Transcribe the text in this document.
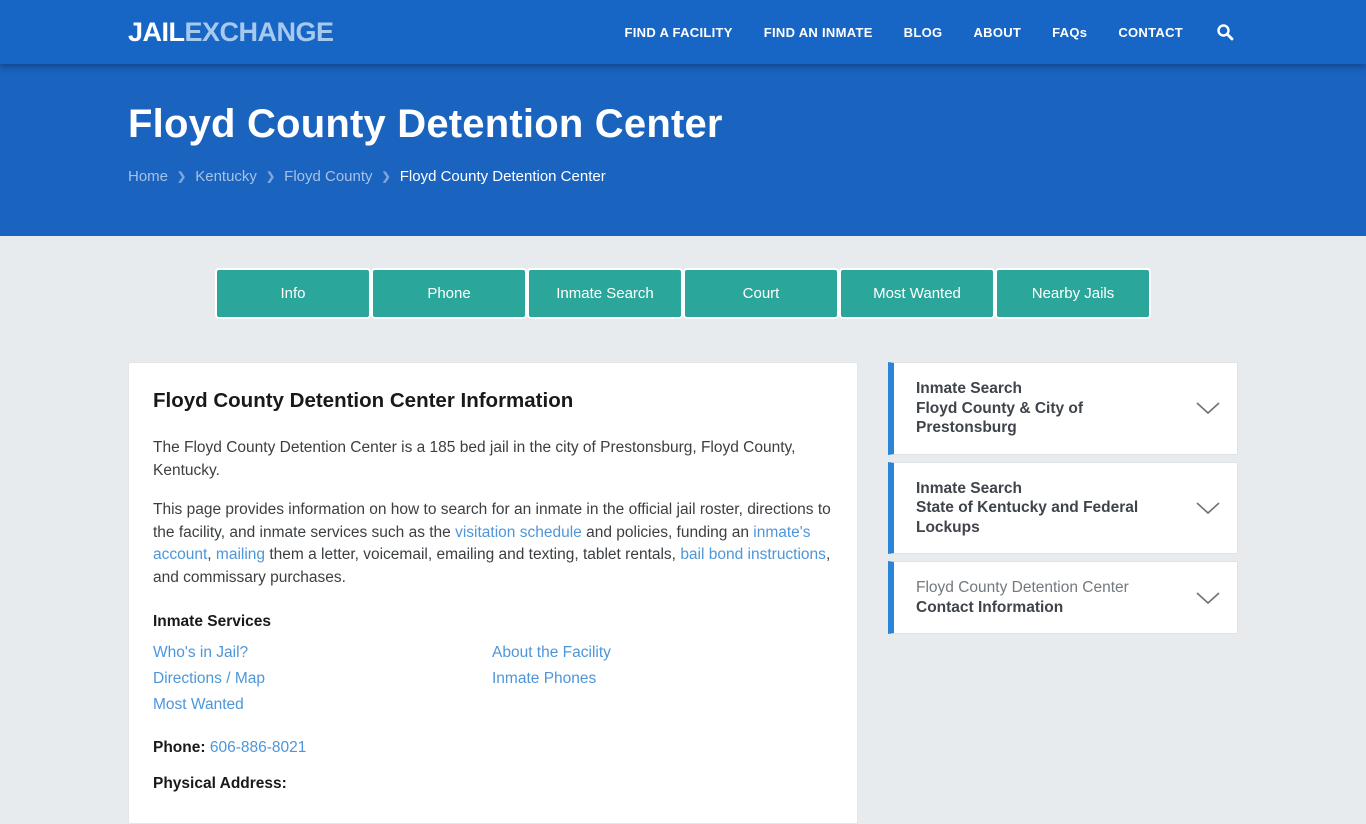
JAILEXCHANGE	FIND A FACILITY FIND AN INMATE BLOG ABOUT FAQs CONTACT
Floyd County Detention Center
Home ❯ Kentucky ❯ Floyd County ❯ Floyd County Detention Center
Info	Phone	Inmate Search	Court	Most Wanted	Nearby Jails
Floyd County Detention Center Information

The Floyd County Detention Center is a 185 bed jail in the city of Prestonsburg, Floyd County, Kentucky.

This page provides information on how to search for an inmate in the official jail roster, directions to the facility, and inmate services such as the visitation schedule and policies, funding an inmate's account, mailing them a letter, voicemail, emailing and texting, tablet rentals, bail bond instructions, and commissary purchases.

Inmate Services
Who's in Jail?
Directions / Map
Most Wanted
About the Facility
Inmate Phones
Phone: 606-886-8021
Physical Address:
Inmate Search
Floyd County & City of Prestonsburg
Inmate Search
State of Kentucky and Federal Lockups
Floyd County Detention Center
Contact Information
